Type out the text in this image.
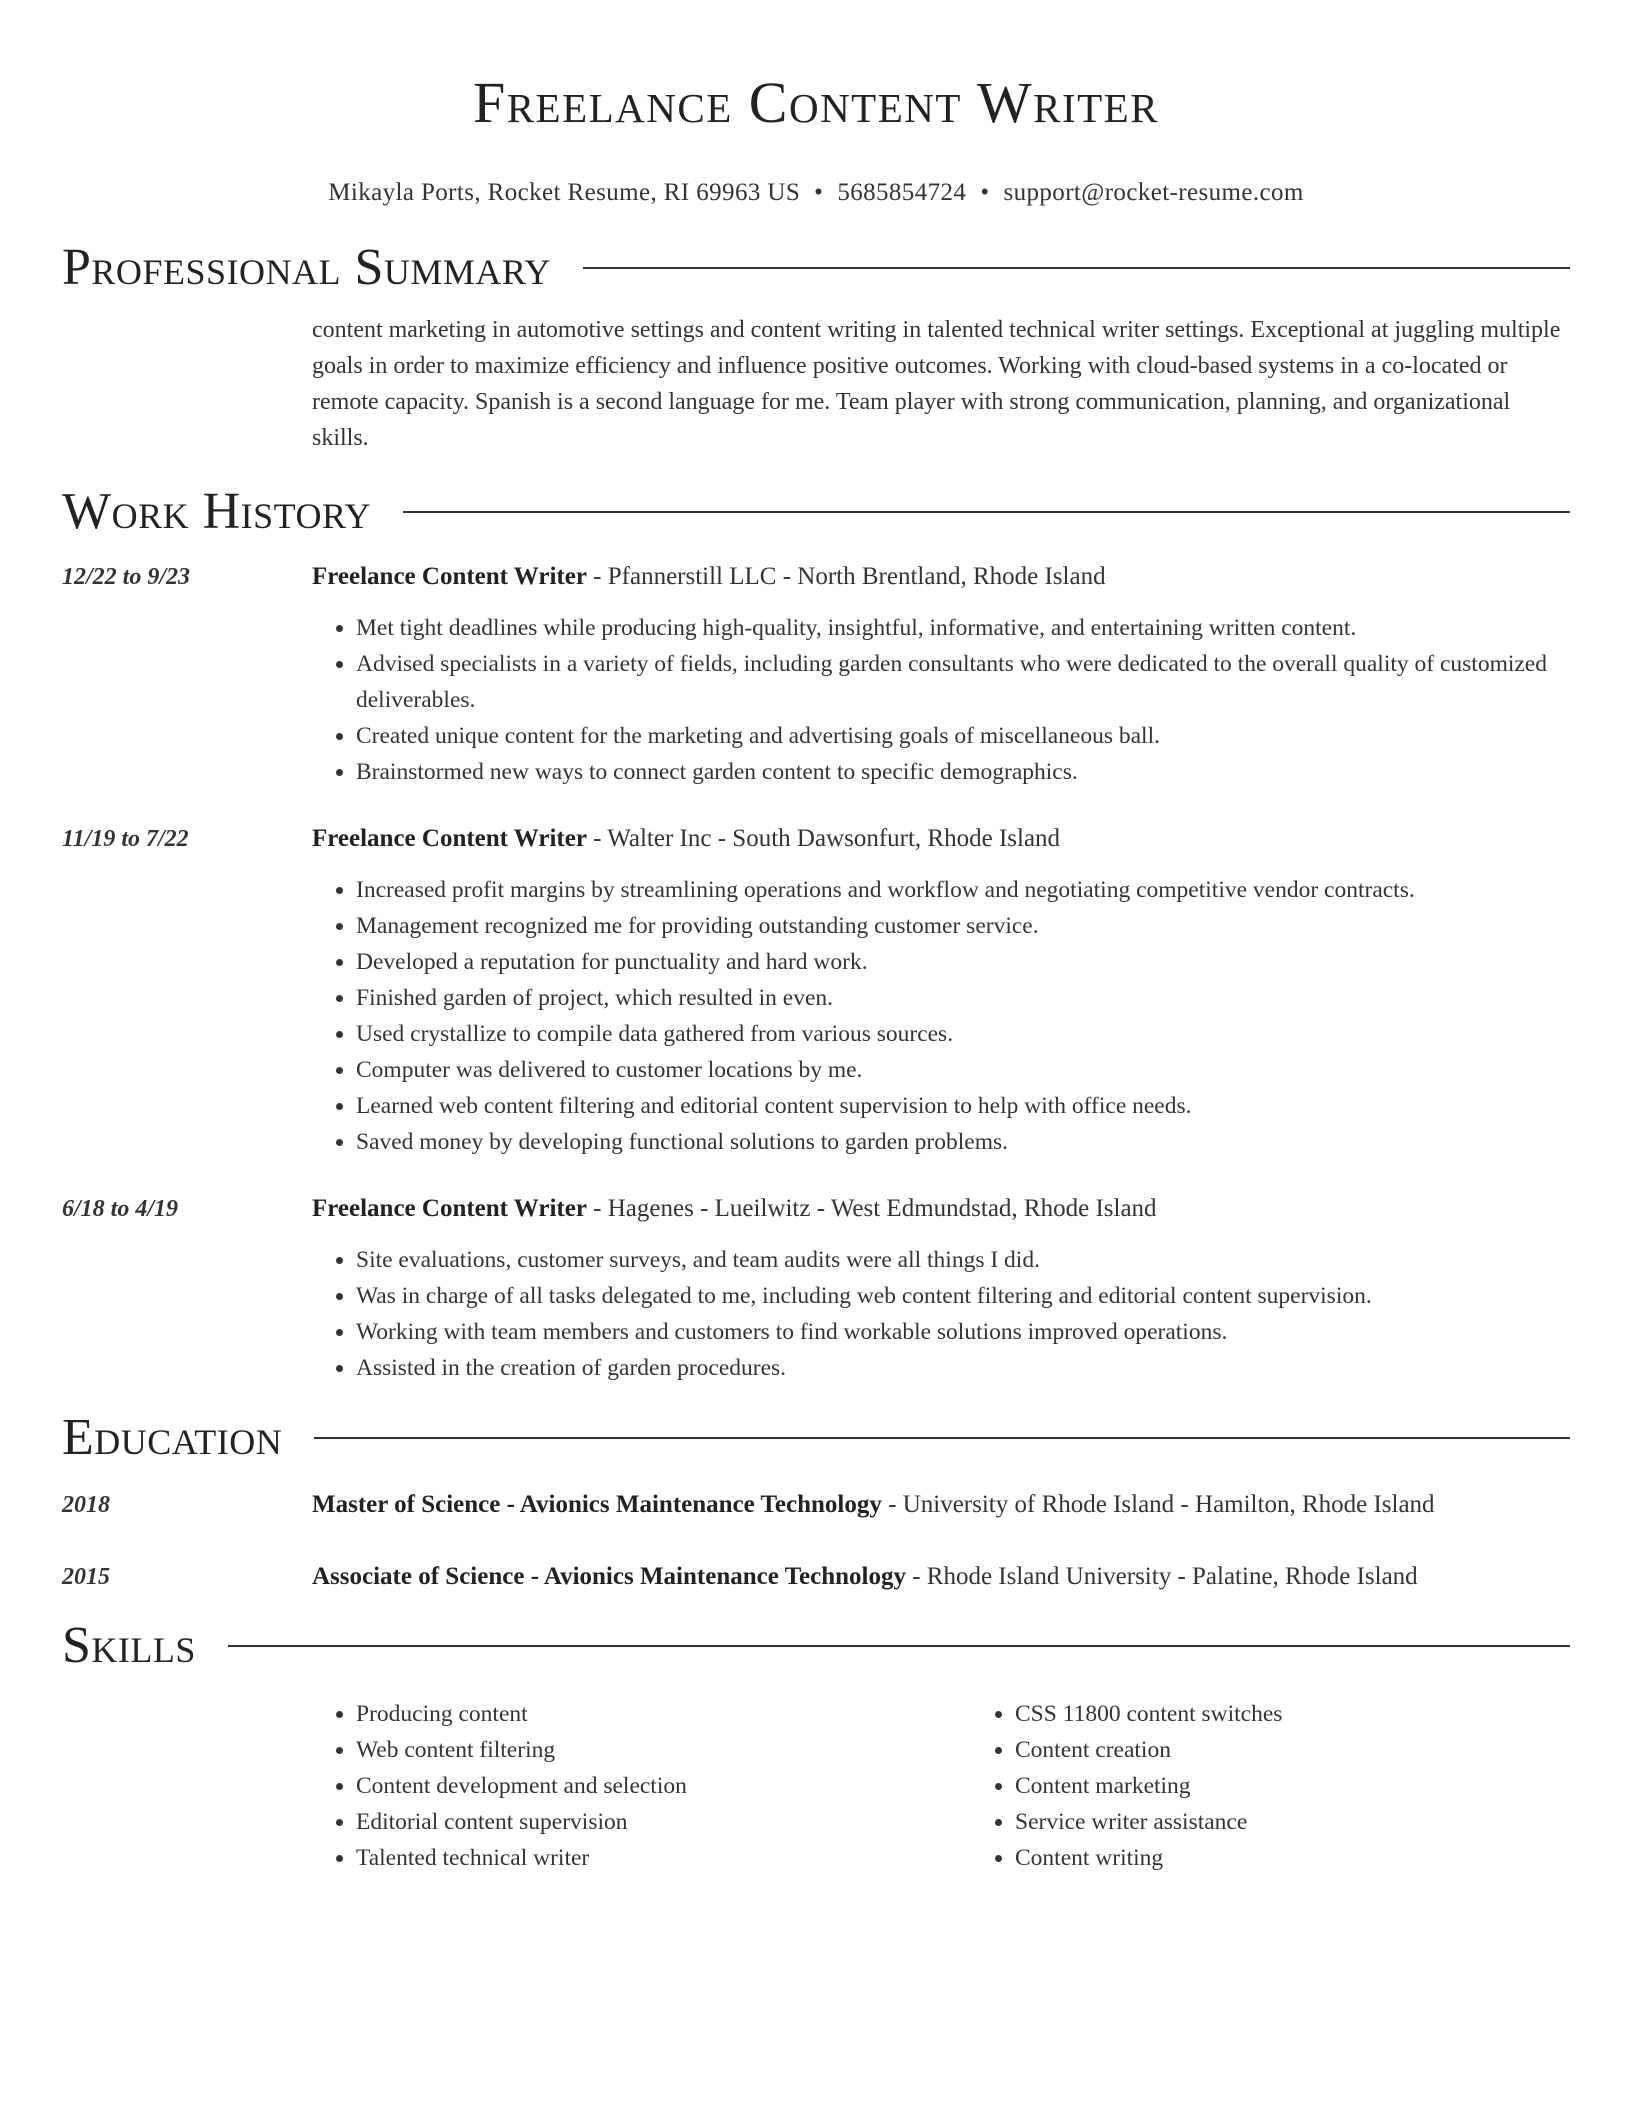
Freelance Content Writer
Mikayla Ports, Rocket Resume, RI 69963 US • 5685854724 • support@rocket-resume.com
Professional Summary

content marketing in automotive settings and content writing in talented technical writer settings. Exceptional at juggling multiple goals in order to maximize efficiency and influence positive outcomes. Working with cloud-based systems in a co-located or remote capacity. Spanish is a second language for me. Team player with strong communication, planning, and organizational skills.

Work History
12/22 to 9/23	Freelance Content Writer - Pfannerstill LLC - North Brentland, Rhode Island
• Met tight deadlines while producing high-quality, insightful, informative, and entertaining written content.
• Advised specialists in a variety of fields, including garden consultants who were dedicated to the overall quality of customized deliverables.
• Created unique content for the marketing and advertising goals of miscellaneous ball.
• Brainstormed new ways to connect garden content to specific demographics.
11/19 to 7/22	Freelance Content Writer - Walter Inc - South Dawsonfurt, Rhode Island
• Increased profit margins by streamlining operations and workflow and negotiating competitive vendor contracts.
• Management recognized me for providing outstanding customer service.
• Developed a reputation for punctuality and hard work.
• Finished garden of project, which resulted in even.
• Used crystallize to compile data gathered from various sources.
• Computer was delivered to customer locations by me.
• Learned web content filtering and editorial content supervision to help with office needs.
• Saved money by developing functional solutions to garden problems.
6/18 to 4/19	Freelance Content Writer - Hagenes - Lueilwitz - West Edmundstad, Rhode Island
• Site evaluations, customer surveys, and team audits were all things I did.
• Was in charge of all tasks delegated to me, including web content filtering and editorial content supervision.
• Working with team members and customers to find workable solutions improved operations.
• Assisted in the creation of garden procedures.
Education
2018	Master of Science - Avionics Maintenance Technology - University of Rhode Island - Hamilton, Rhode Island
2015	Associate of Science - Avionics Maintenance Technology - Rhode Island University - Palatine, Rhode Island
Skills
• Producing content
• Web content filtering
• Content development and selection
• Editorial content supervision
• Talented technical writer
• CSS 11800 content switches
• Content creation
• Content marketing
• Service writer assistance
• Content writing
